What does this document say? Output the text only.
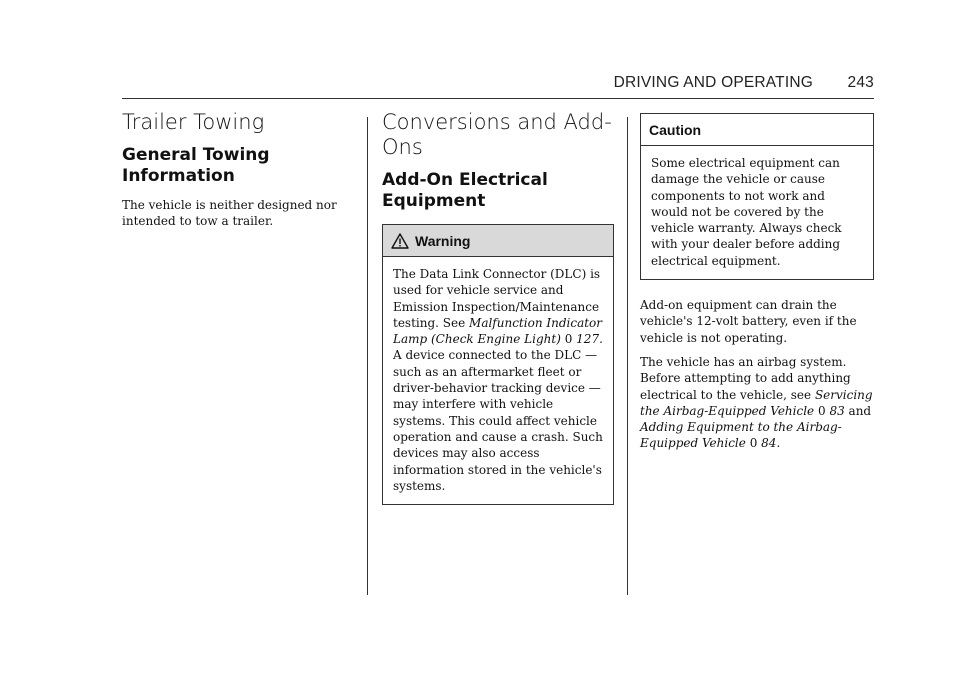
DRIVING AND OPERATING 243
Trailer Towing
General Towing Information

The vehicle is neither designed nor intended to tow a trailer.

Conversions and Add-Ons
Add-On Electrical Equipment
Warning

The Data Link Connector (DLC) is used for vehicle service and Emission Inspection/Maintenance testing. See Malfunction Indicator Lamp (Check Engine Light) 0 127.

A device connected to the DLC — such as an aftermarket fleet or driver-behavior tracking device — may interfere with vehicle systems. This could affect vehicle operation and cause a crash. Such devices may also access information stored in the vehicle's systems.

Caution

Some electrical equipment can damage the vehicle or cause components to not work and would not be covered by the vehicle warranty. Always check with your dealer before adding electrical equipment.

Add-on equipment can drain the vehicle's 12-volt battery, even if the vehicle is not operating.

The vehicle has an airbag system. Before attempting to add anything electrical to the vehicle, see Servicing the Airbag-Equipped Vehicle 0 83 and Adding Equipment to the Airbag-Equipped Vehicle 0 84.
